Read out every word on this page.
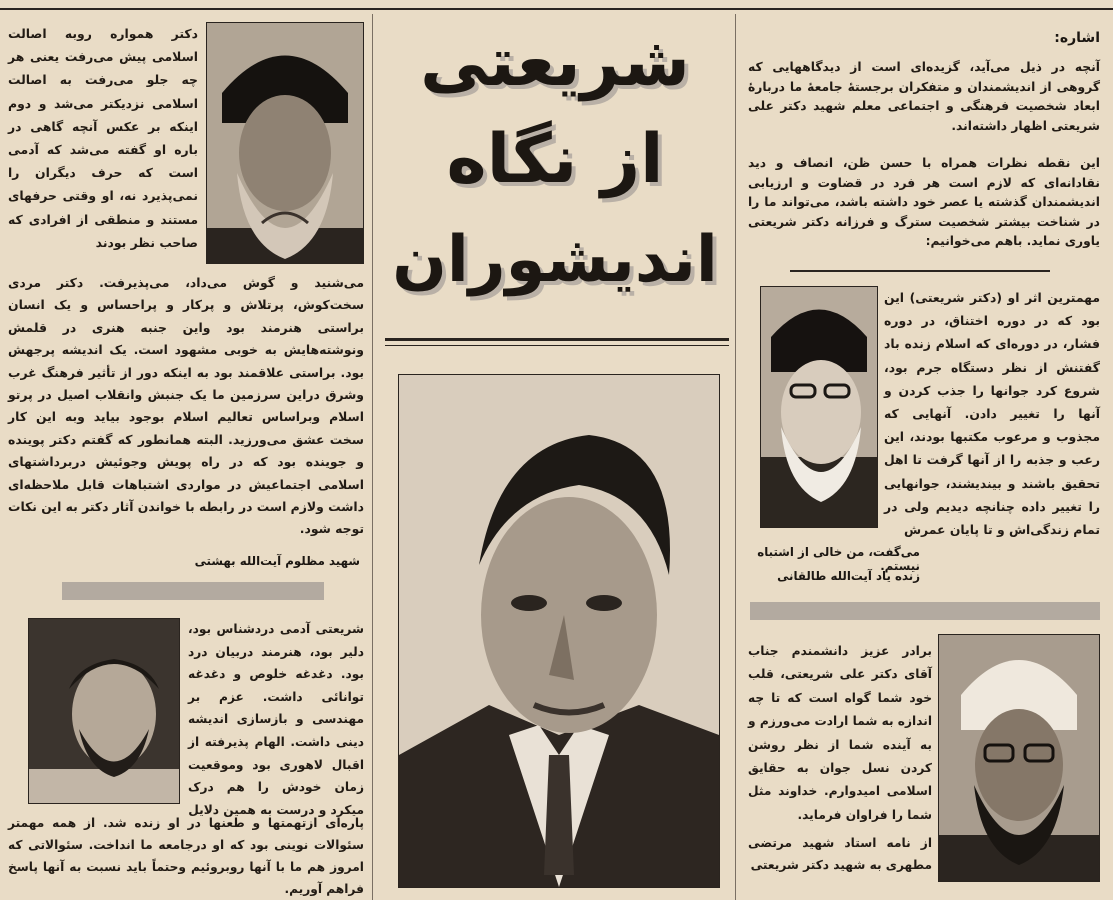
شریعتی
از نگاه
اندیشوران
اشاره:
آنچه در ذیل می‌آید، گزیده‌ای است از دیدگاههایی که گروهی از اندیشمندان و متفکران برجستهٔ جامعهٔ ما دربارهٔ ابعاد شخصیت فرهنگی و اجتماعی معلم شهید دکتر علی شریعتی اظهار داشته‌اند.
این نقطه نظرات همراه با حسن ظن، انصاف و دید نقادانه‌ای که لازم است هر فرد در قضاوت و ارزیابی اندیشمندان گذشته یا عصر خود داشته باشد، می‌تواند ما را در شناخت بیشتر شخصیت سترگ و فرزانه دکتر شریعتی یاوری نماید. باهم می‌خوانیم:
مهمترین اثر او (دکتر شریعتی) این بود که در دوره اختناق، در دوره فشار، در دوره‌ای که اسلام زنده باد گفتنش از نظر دستگاه جرم بود، شروع کرد جوانها را جذب کردن و آنها را تغییر دادن. آنهایی که مجذوب و مرعوب مکتبها بودند، این رعب و جذبه را از آنها گرفت تا اهل تحقیق باشند و بیندیشند، جوانهایی را تغییر داده چنانچه دیدیم ولی در تمام زندگی‌اش و تا پایان عمرش
می‌گفت، من خالی از اشتباه نیستم.
زنده یاد آیت‌الله طالقانی
برادر عزیز دانشمندم جناب آقای دکتر علی شریعتی، قلب خود شما گواه است که تا چه اندازه به شما ارادت می‌ورزم و به آینده شما از نظر روشن کردن نسل جوان به حقایق اسلامی امیدوارم. خداوند مثل شما را فراوان فرماید.
از نامه استاد شهید مرتضی مطهری به شهید دکتر شریعتی
دکتر همواره روبه اصالت اسلامی پیش می‌رفت یعنی هر چه جلو می‌رفت به اصالت اسلامی نزدیکتر می‌شد و دوم اینکه بر عکس آنچه گاهی در باره او گفته می‌شد که آدمی است که حرف دیگران را نمی‌پذیرد نه، او وقتی حرفهای مستند و منطقی از افرادی که صاحب نظر بودند
می‌شنید و گوش می‌داد، می‌پذیرفت. دکتر مردی سخت‌کوش، پرتلاش و پرکار و پراحساس و یک انسان براستی هنرمند بود واین جنبه هنری در قلمش ونوشته‌هایش به خوبی مشهود است. یک اندیشه پرجهش بود. براستی علاقمند بود به اینکه دور از تأثیر فرهنگ غرب وشرق دراین سرزمین ما یک جنبش وانقلاب اصیل در پرتو اسلام وبراساس تعالیم اسلام بوجود بیاید وبه این کار سخت عشق می‌ورزید. البته همانطور که گفتم دکتر پوینده و جوینده بود که در راه پویش وجوئیش دربرداشتهای اسلامی اجتماعیش در مواردی اشتباهات قابل ملاحظه‌ای داشت ولازم است در رابطه با خواندن آثار دکتر به این نکات توجه شود.
شهید مظلوم آیت‌الله بهشتی
شریعتی آدمی دردشناس بود، دلیر بود، هنرمند دربیان درد بود. دغدغه خلوص و دغدغه توانائی داشت. عزم بر مهندسی و بازسازی اندیشه دینی داشت. الهام پذیرفته از اقبال لاهوری بود وموقعیت زمان خودش را هم درک میکرد و درست به همین دلایل
پاره‌ای ازتهمتها و طعنها در او زنده شد. از همه مهمتر سئوالات نوینی بود که او درجامعه ما انداخت. سئوالاتی که امروز هم ما با آنها روبروئیم وحتماً باید نسبت به آنها پاسخ فراهم آوریم.
